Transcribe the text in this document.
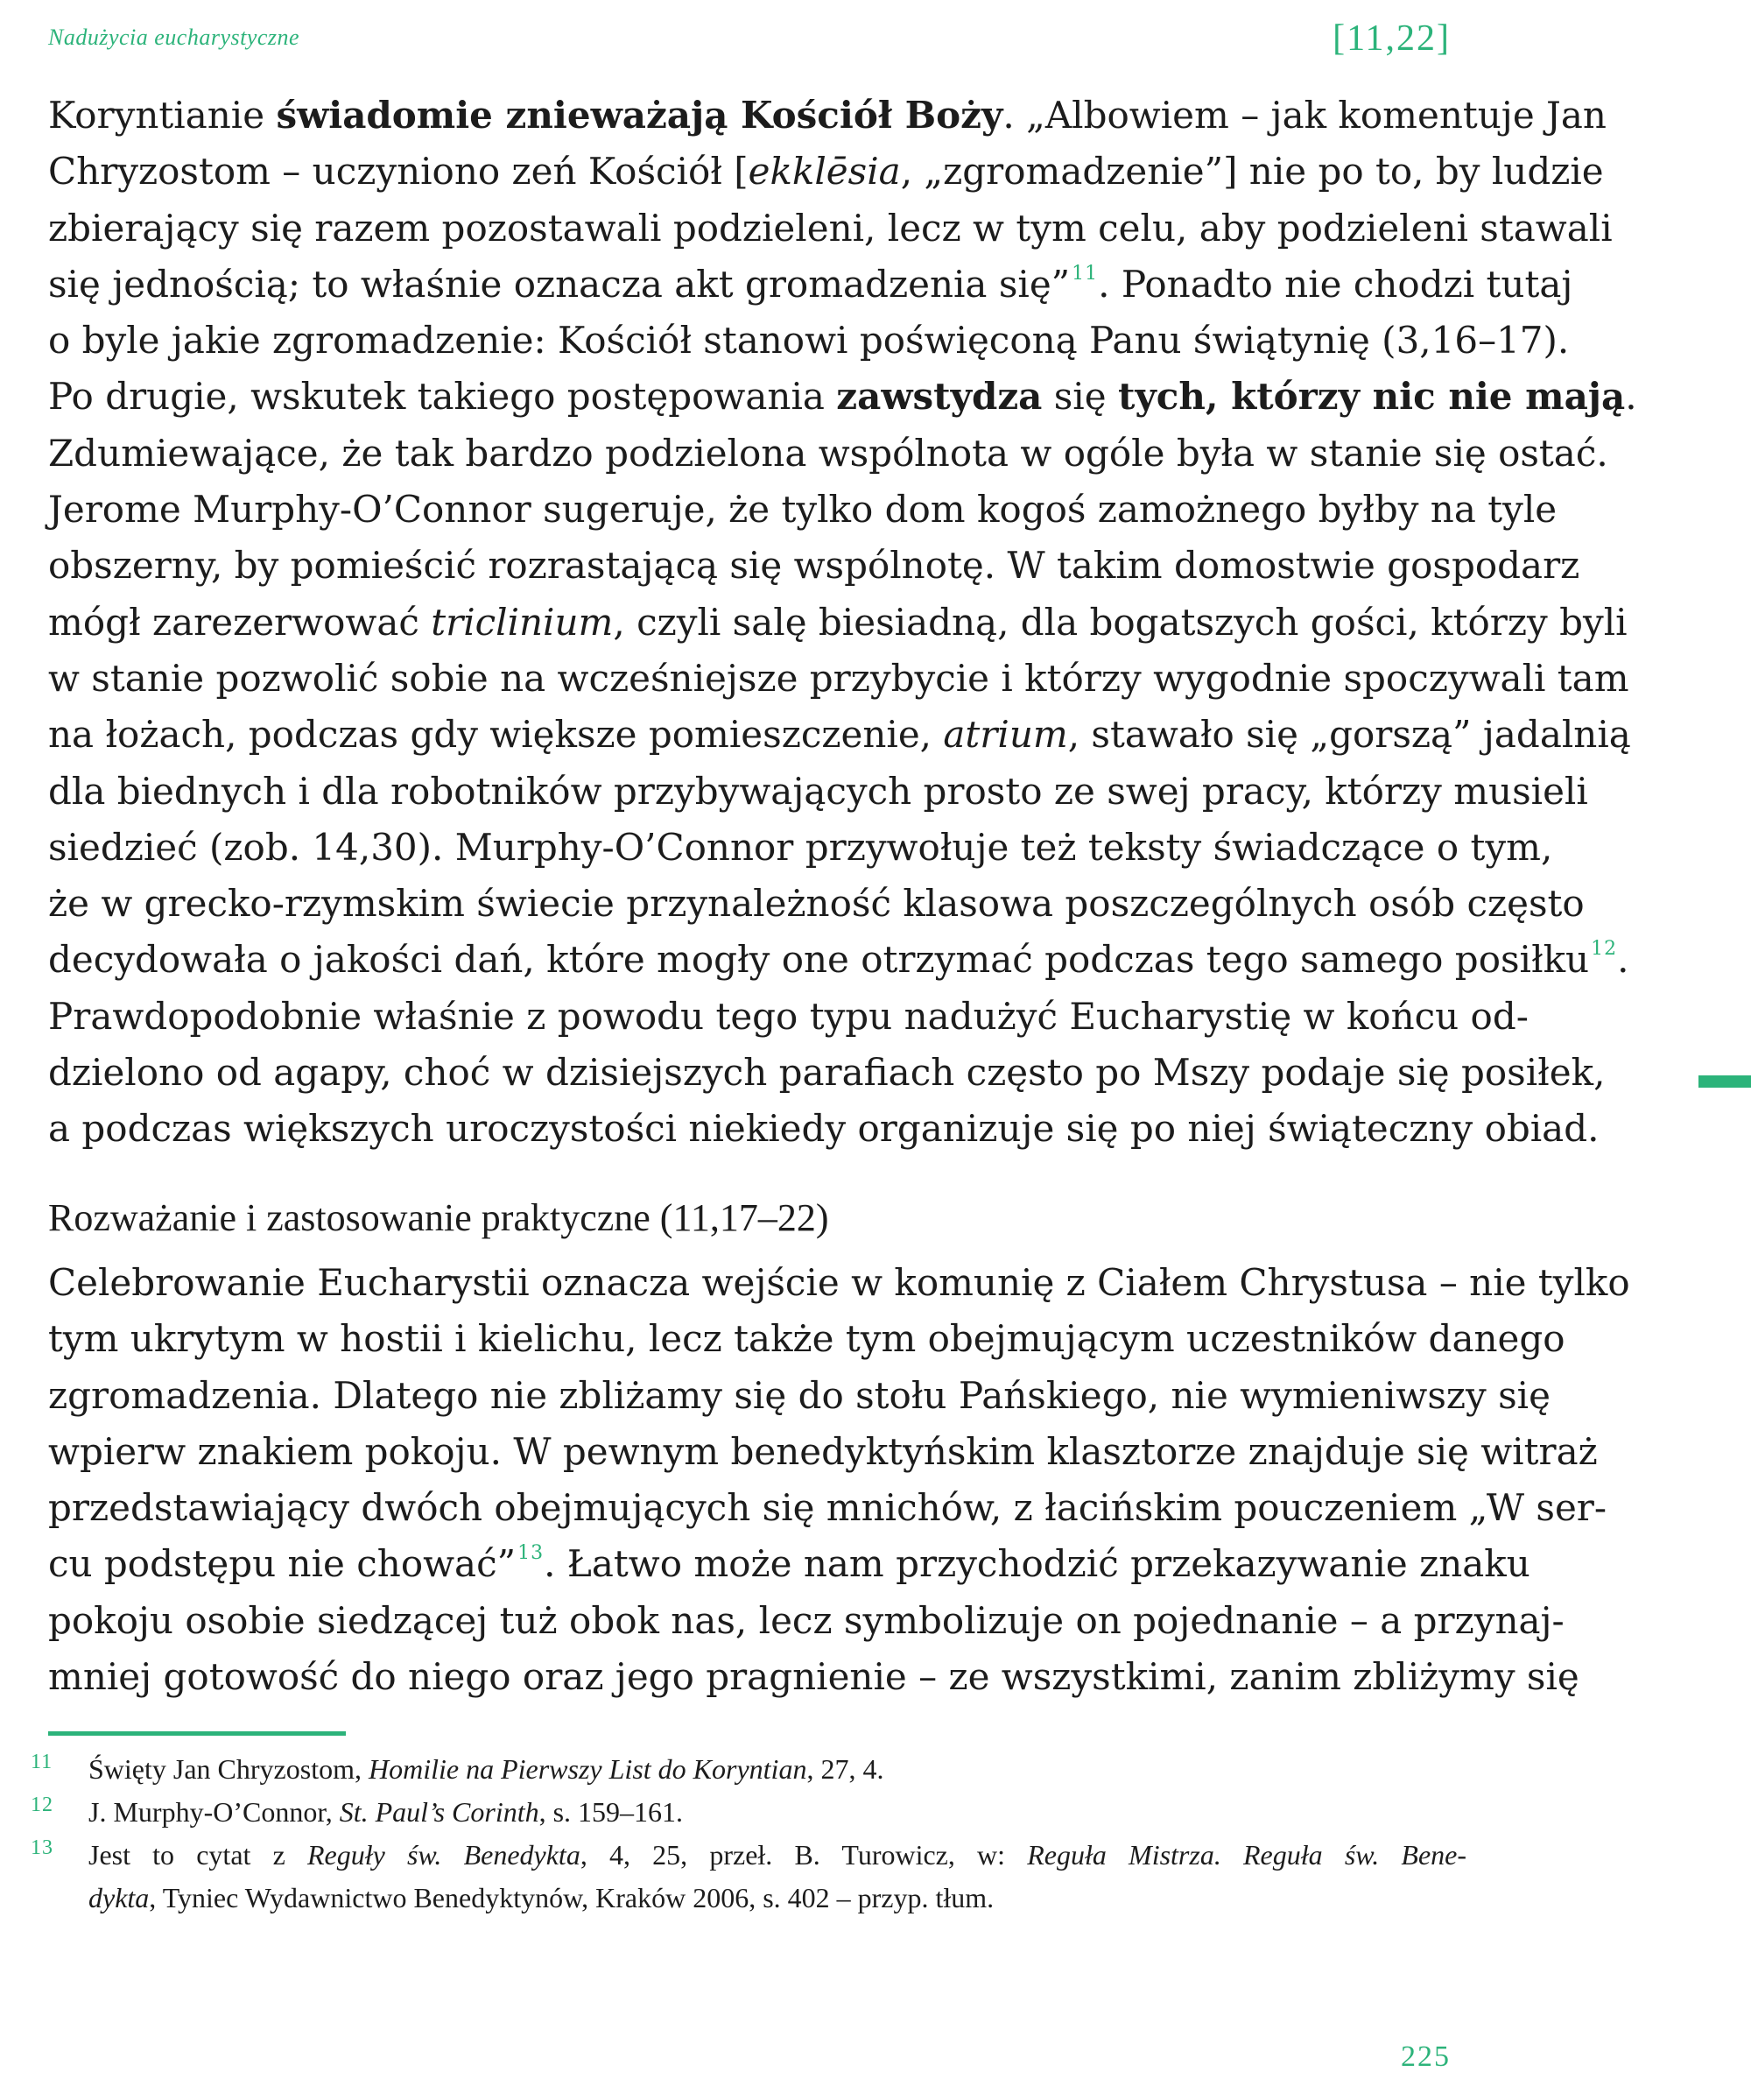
Nadużycia eucharystyczne	[11,22]
Koryntianie świadomie znieważają Kościół Boży. „Albowiem – jak komentuje Jan
Chryzostom – uczyniono zeń Kościół [ekklēsia, „zgromadzenie”] nie po to, by ludzie
zbierający się razem pozostawali podzieleni, lecz w tym celu, aby podzieleni stawali
się jednością; to właśnie oznacza akt gromadzenia się”$^{11}$. Ponadto nie chodzi tutaj
o byle jakie zgromadzenie: Kościół stanowi poświęconą Panu świątynię (3,16–17).
Po drugie, wskutek takiego postępowania zawstydza się tych, którzy nic nie mają.
Zdumiewające, że tak bardzo podzielona wspólnota w ogóle była w stanie się ostać.
Jerome Murphy-O’Connor sugeruje, że tylko dom kogoś zamożnego byłby na tyle
obszerny, by pomieścić rozrastającą się wspólnotę. W takim domostwie gospodarz
mógł zarezerwować triclinium, czyli salę biesiadną, dla bogatszych gości, którzy byli
w stanie pozwolić sobie na wcześniejsze przybycie i którzy wygodnie spoczywali tam
na łożach, podczas gdy większe pomieszczenie, atrium, stawało się „gorszą” jadalnią
dla biednych i dla robotników przybywających prosto ze swej pracy, którzy musieli
siedzieć (zob. 14,30). Murphy-O’Connor przywołuje też teksty świadczące o tym,
że w grecko-rzymskim świecie przynależność klasowa poszczególnych osób często
decydowała o jakości dań, które mogły one otrzymać podczas tego samego posiłku$^{12}$.
Prawdopodobnie właśnie z powodu tego typu nadużyć Eucharystię w końcu od-
dzielono od agapy, choć w dzisiejszych parafiach często po Mszy podaje się posiłek,
a podczas większych uroczystości niekiedy organizuje się po niej świąteczny obiad.
Rozważanie i zastosowanie praktyczne (11,17–22)
Celebrowanie Eucharystii oznacza wejście w komunię z Ciałem Chrystusa – nie tylko
tym ukrytym w hostii i kielichu, lecz także tym obejmującym uczestników danego
zgromadzenia. Dlatego nie zbliżamy się do stołu Pańskiego, nie wymieniwszy się
wpierw znakiem pokoju. W pewnym benedyktyńskim klasztorze znajduje się witraż
przedstawiający dwóch obejmujących się mnichów, z łacińskim pouczeniem „W ser-
cu podstępu nie chować”$^{13}$. Łatwo może nam przychodzić przekazywanie znaku
pokoju osobie siedzącej tuż obok nas, lecz symbolizuje on pojednanie – a przynaj-
mniej gotowość do niego oraz jego pragnienie – ze wszystkimi, zanim zbliżymy się
11	Święty Jan Chryzostom, Homilie na Pierwszy List do Koryntian, 27, 4.
12	J. Murphy-O’Connor, St. Paul’s Corinth, s. 159–161.
13	Jest to cytat z Reguły św. Benedykta, 4, 25, przeł. B. Turowicz, w: Reguła Mistrza. Reguła św. Bene-
dykta, Tyniec Wydawnictwo Benedyktynów, Kraków 2006, s. 402 – przyp. tłum.
225
